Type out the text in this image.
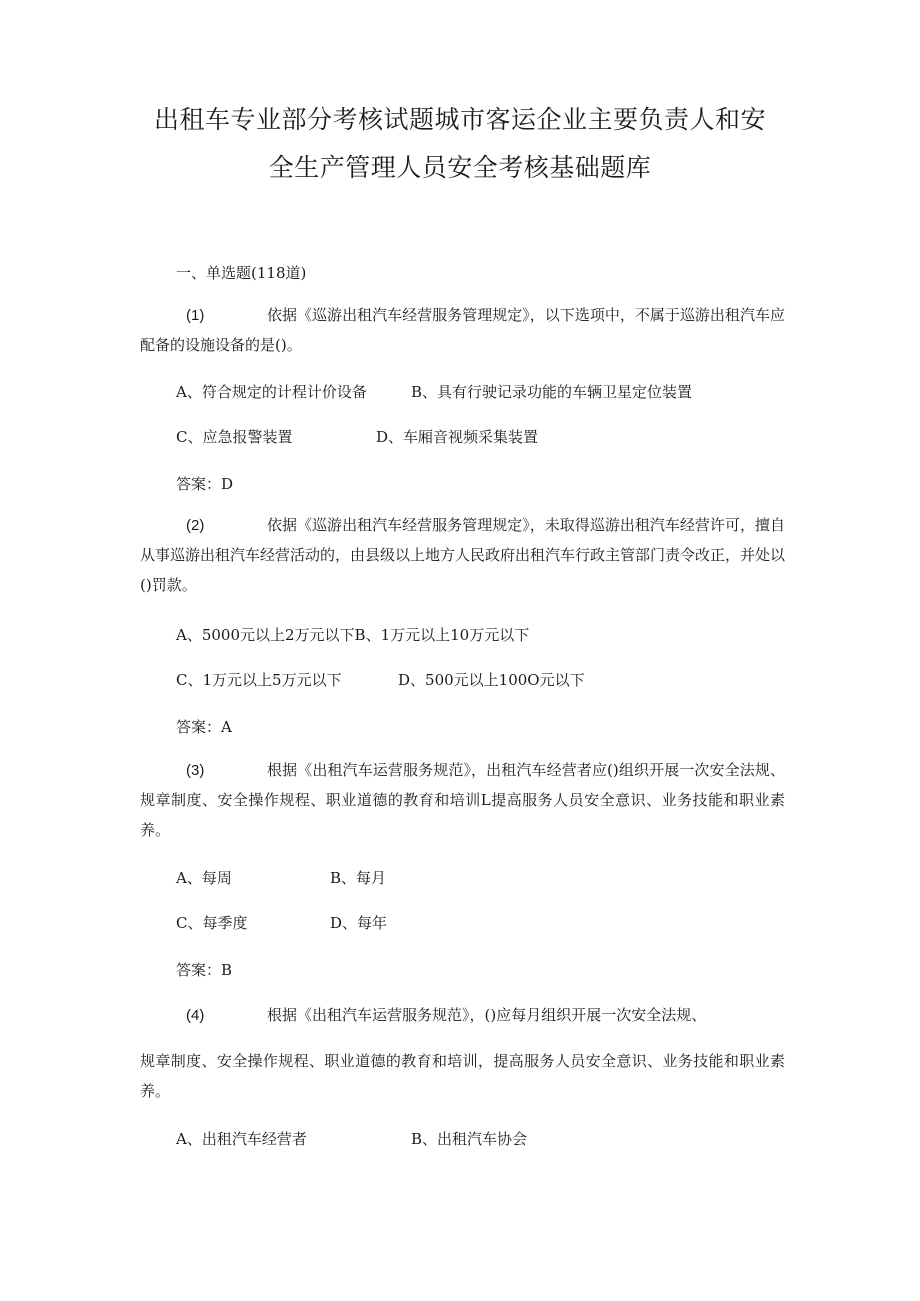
出租车专业部分考核试题城市客运企业主要负责人和安
全生产管理人员安全考核基础题库
一、单选题(118道)
(1)	依据《巡游出租汽车经营服务管理规定》，以下选项中，不属于巡游出租汽车应配备的设施设备的是()。
A、符合规定的计程计价设备	B、具有行驶记录功能的车辆卫星定位装置
C、应急报警装置	D、车厢音视频采集装置
答案：D
(2)	依据《巡游出租汽车经营服务管理规定》，未取得巡游出租汽车经营许可，擅自从事巡游出租汽车经营活动的，由县级以上地方人民政府出租汽车行政主管部门责令改正，并处以()罚款。
A、5000元以上2万元以下B、1万元以上10万元以下
C、1万元以上5万元以下	D、500元以上100O元以下
答案：A
(3)	根据《出租汽车运营服务规范》，出租汽车经营者应()组织开展一次安全法规、规章制度、安全操作规程、职业道德的教育和培训L提高服务人员安全意识、业务技能和职业素养。
A、每周	B、每月
C、每季度	D、每年
答案：B
(4)	根据《出租汽车运营服务规范》，()应每月组织开展一次安全法规、
规章制度、安全操作规程、职业道德的教育和培训，提高服务人员安全意识、业务技能和职业素养。
A、出租汽车经营者	B、出租汽车协会
